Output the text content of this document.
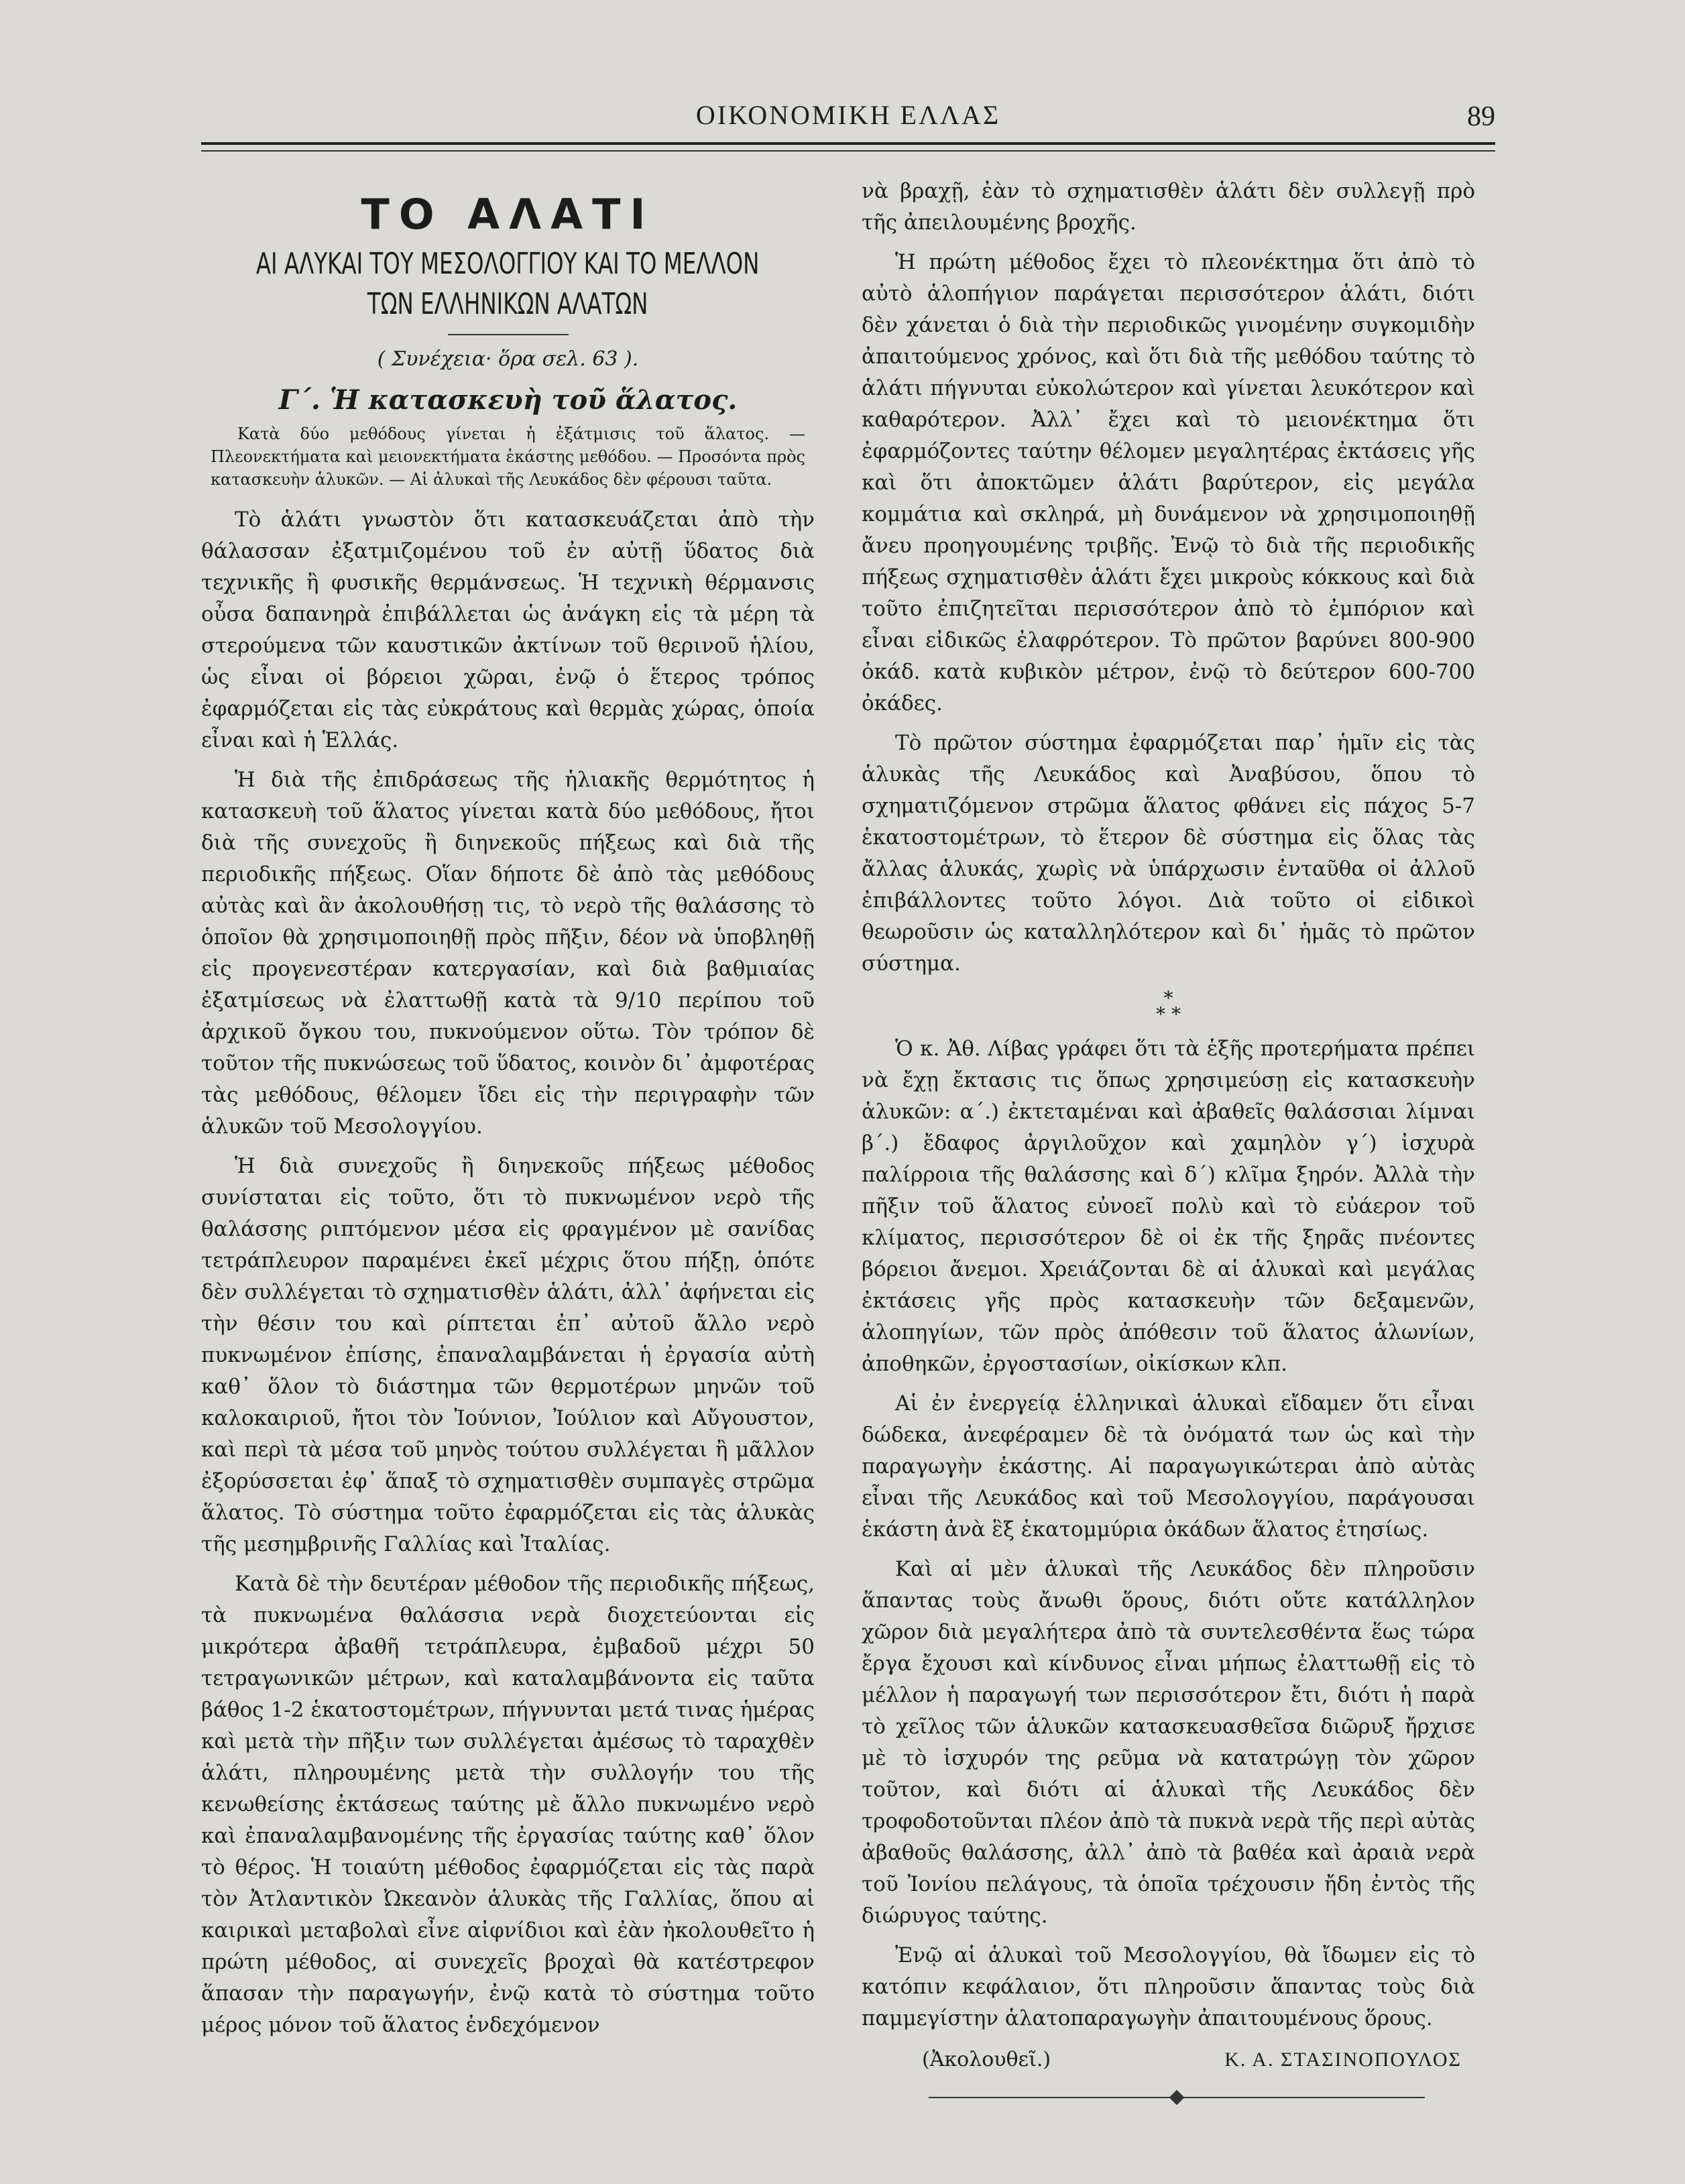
ΟΙΚΟΝΟΜΙΚΗ ΕΛΛΑΣ	89
ΤΟ ΑΛΑΤΙ
ΑΙ ΑΛΥΚΑΙ ΤΟΥ ΜΕΣΟΛΟΓΓΙΟΥ ΚΑΙ ΤΟ ΜΕΛΛΟΝ
ΤΩΝ ΕΛΛΗΝΙΚΩΝ ΑΛΑΤΩΝ
( Συνέχεια· ὅρα σελ. 63 ).
Γ΄. Ἡ κατασκευὴ τοῦ ἅλατος.
Κατὰ δύο μεθόδους γίνεται ἡ ἐξάτμισις τοῦ ἅλατος. — Πλεονεκτήματα καὶ μειονεκτήματα ἑκάστης μεθόδου. — Προσόντα πρὸς κατασκευὴν ἁλυκῶν. — Αἱ ἁλυκαὶ τῆς Λευκάδος δὲν φέρουσι ταῦτα.

Τὸ ἁλάτι γνωστὸν ὅτι κατασκευάζεται ἀπὸ τὴν θάλασσαν ἐξατμιζομένου τοῦ ἐν αὐτῇ ὕδατος διὰ τεχνικῆς ἢ φυσικῆς θερμάνσεως. Ἡ τεχνικὴ θέρμανσις οὖσα δαπανηρὰ ἐπιβάλλεται ὡς ἀνάγκη εἰς τὰ μέρη τὰ στερούμενα τῶν καυστικῶν ἀκτίνων τοῦ θερινοῦ ἡλίου, ὡς εἶναι οἱ βόρειοι χῶραι, ἐνῷ ὁ ἕτερος τρόπος ἐφαρμόζεται εἰς τὰς εὐκράτους καὶ θερμὰς χώρας, ὁποία εἶναι καὶ ἡ Ἑλλάς.

Ἡ διὰ τῆς ἐπιδράσεως τῆς ἡλιακῆς θερμότητος ἡ κατασκευὴ τοῦ ἅλατος γίνεται κατὰ δύο μεθόδους, ἤτοι διὰ τῆς συνεχοῦς ἢ διηνεκοῦς πήξεως καὶ διὰ τῆς περιοδικῆς πήξεως. Οἵαν δήποτε δὲ ἀπὸ τὰς μεθόδους αὐτὰς καὶ ἂν ἀκολουθήσῃ τις, τὸ νερὸ τῆς θαλάσσης τὸ ὁποῖον θὰ χρησιμοποιηθῇ πρὸς πῆξιν, δέον νὰ ὑποβληθῇ εἰς προγενεστέραν κατεργασίαν, καὶ διὰ βαθμιαίας ἐξατμίσεως νὰ ἐλαττωθῇ κατὰ τὰ 9/10 περίπου τοῦ ἀρχικοῦ ὄγκου του, πυκνούμενον οὕτω. Τὸν τρόπον δὲ τοῦτον τῆς πυκνώσεως τοῦ ὕδατος, κοινὸν δι᾽ ἀμφοτέρας τὰς μεθόδους, θέλομεν ἴδει εἰς τὴν περιγραφὴν τῶν ἁλυκῶν τοῦ Μεσολογγίου.

Ἡ διὰ συνεχοῦς ἢ διηνεκοῦς πήξεως μέθοδος συνίσταται εἰς τοῦτο, ὅτι τὸ πυκνωμένον νερὸ τῆς θαλάσσης ριπτόμενον μέσα εἰς φραγμένον μὲ σανίδας τετράπλευρον παραμένει ἐκεῖ μέχρις ὅτου πήξῃ, ὁπότε δὲν συλλέγεται τὸ σχηματισθὲν ἁλάτι, ἀλλ᾽ ἀφήνεται εἰς τὴν θέσιν του καὶ ρίπτεται ἐπ᾽ αὐτοῦ ἄλλο νερὸ πυκνωμένον ἐπίσης, ἐπαναλαμβάνεται ἡ ἐργασία αὐτὴ καθ᾽ ὅλον τὸ διάστημα τῶν θερμοτέρων μηνῶν τοῦ καλοκαιριοῦ, ἤτοι τὸν Ἰούνιον, Ἰούλιον καὶ Αὔγουστον, καὶ περὶ τὰ μέσα τοῦ μηνὸς τούτου συλλέγεται ἢ μᾶλλον ἐξορύσσεται ἐφ᾽ ἅπαξ τὸ σχηματισθὲν συμπαγὲς στρῶμα ἅλατος. Τὸ σύστημα τοῦτο ἐφαρμόζεται εἰς τὰς ἁλυκὰς τῆς μεσημβρινῆς Γαλλίας καὶ Ἰταλίας.

Κατὰ δὲ τὴν δευτέραν μέθοδον τῆς περιοδικῆς πήξεως, τὰ πυκνωμένα θαλάσσια νερὰ διοχετεύονται εἰς μικρότερα ἀβαθῆ τετράπλευρα, ἐμβαδοῦ μέχρι 50 τετραγωνικῶν μέτρων, καὶ καταλαμβάνοντα εἰς ταῦτα βάθος 1-2 ἑκατοστομέτρων, πήγνυνται μετά τινας ἡμέρας καὶ μετὰ τὴν πῆξιν των συλλέγεται ἀμέσως τὸ ταραχθὲν ἁλάτι, πληρουμένης μετὰ τὴν συλλογήν του τῆς κενωθείσης ἐκτάσεως ταύτης μὲ ἄλλο πυκνωμένο νερὸ καὶ ἐπαναλαμβανομένης τῆς ἐργασίας ταύτης καθ᾽ ὅλον τὸ θέρος. Ἡ τοιαύτη μέθοδος ἐφαρμόζεται εἰς τὰς παρὰ τὸν Ἀτλαντικὸν Ὠκεανὸν ἁλυκὰς τῆς Γαλλίας, ὅπου αἱ καιρικαὶ μεταβολαὶ εἶνε αἰφνίδιοι καὶ ἐὰν ἠκολουθεῖτο ἡ πρώτη μέθοδος, αἱ συνεχεῖς βροχαὶ θὰ κατέστρεφον ἅπασαν τὴν παραγωγήν, ἐνῷ κατὰ τὸ σύστημα τοῦτο μέρος μόνον τοῦ ἅλατος ἐνδεχόμενον

νὰ βραχῇ, ἐὰν τὸ σχηματισθὲν ἁλάτι δὲν συλλεγῇ πρὸ τῆς ἀπειλουμένης βροχῆς.

Ἡ πρώτη μέθοδος ἔχει τὸ πλεονέκτημα ὅτι ἀπὸ τὸ αὐτὸ ἁλοπήγιον παράγεται περισσότερον ἁλάτι, διότι δὲν χάνεται ὁ διὰ τὴν περιοδικῶς γινομένην συγκομιδὴν ἀπαιτούμενος χρόνος, καὶ ὅτι διὰ τῆς μεθόδου ταύτης τὸ ἁλάτι πήγνυται εὐκολώτερον καὶ γίνεται λευκότερον καὶ καθαρότερον. Ἀλλ᾽ ἔχει καὶ τὸ μειονέκτημα ὅτι ἐφαρμόζοντες ταύτην θέλομεν μεγαλητέρας ἐκτάσεις γῆς καὶ ὅτι ἀποκτῶμεν ἁλάτι βαρύτερον, εἰς μεγάλα κομμάτια καὶ σκληρά, μὴ δυνάμενον νὰ χρησιμοποιηθῇ ἄνευ προηγουμένης τριβῆς. Ἐνῷ τὸ διὰ τῆς περιοδικῆς πήξεως σχηματισθὲν ἁλάτι ἔχει μικροὺς κόκκους καὶ διὰ τοῦτο ἐπιζητεῖται περισσότερον ἀπὸ τὸ ἐμπόριον καὶ εἶναι εἰδικῶς ἐλαφρότερον. Τὸ πρῶτον βαρύνει 800-900 ὀκάδ. κατὰ κυβικὸν μέτρον, ἐνῷ τὸ δεύτερον 600-700 ὀκάδες.

Τὸ πρῶτον σύστημα ἐφαρμόζεται παρ᾽ ἡμῖν εἰς τὰς ἁλυκὰς τῆς Λευκάδος καὶ Ἀναβύσου, ὅπου τὸ σχηματιζόμενον στρῶμα ἅλατος φθάνει εἰς πάχος 5-7 ἑκατοστομέτρων, τὸ ἕτερον δὲ σύστημα εἰς ὅλας τὰς ἄλλας ἁλυκάς, χωρὶς νὰ ὑπάρχωσιν ἐνταῦθα οἱ ἀλλοῦ ἐπιβάλλοντες τοῦτο λόγοι. Διὰ τοῦτο οἱ εἰδικοὶ θεωροῦσιν ὡς καταλληλότερον καὶ δι᾽ ἡμᾶς τὸ πρῶτον σύστημα.

*
* *

Ὁ κ. Ἀθ. Λίβας γράφει ὅτι τὰ ἑξῆς προτερήματα πρέπει νὰ ἔχῃ ἔκτασις τις ὅπως χρησιμεύσῃ εἰς κατασκευὴν ἁλυκῶν: α΄.) ἐκτεταμέναι καὶ ἀβαθεῖς θαλάσσιαι λίμναι β΄.) ἔδαφος ἀργιλοῦχον καὶ χαμηλὸν γ΄) ἰσχυρὰ παλίρροια τῆς θαλάσσης καὶ δ΄) κλῖμα ξηρόν. Ἀλλὰ τὴν πῆξιν τοῦ ἅλατος εὐνοεῖ πολὺ καὶ τὸ εὐάερον τοῦ κλίματος, περισσότερον δὲ οἱ ἐκ τῆς ξηρᾶς πνέοντες βόρειοι ἄνεμοι. Χρειάζονται δὲ αἱ ἁλυκαὶ καὶ μεγάλας ἐκτάσεις γῆς πρὸς κατασκευὴν τῶν δεξαμενῶν, ἁλοπηγίων, τῶν πρὸς ἀπόθεσιν τοῦ ἅλατος ἁλωνίων, ἀποθηκῶν, ἐργοστασίων, οἰκίσκων κλπ.

Αἱ ἐν ἐνεργείᾳ ἑλληνικαὶ ἁλυκαὶ εἴδαμεν ὅτι εἶναι δώδεκα, ἀνεφέραμεν δὲ τὰ ὀνόματά των ὡς καὶ τὴν παραγωγὴν ἑκάστης. Αἱ παραγωγικώτεραι ἀπὸ αὐτὰς εἶναι τῆς Λευκάδος καὶ τοῦ Μεσολογγίου, παράγουσαι ἑκάστη ἀνὰ ἓξ ἑκατομμύρια ὀκάδων ἅλατος ἐτησίως.

Καὶ αἱ μὲν ἁλυκαὶ τῆς Λευκάδος δὲν πληροῦσιν ἅπαντας τοὺς ἄνωθι ὅρους, διότι οὔτε κατάλληλον χῶρον διὰ μεγαλήτερα ἀπὸ τὰ συντελεσθέντα ἕως τώρα ἔργα ἔχουσι καὶ κίνδυνος εἶναι μήπως ἐλαττωθῇ εἰς τὸ μέλλον ἡ παραγωγή των περισσότερον ἔτι, διότι ἡ παρὰ τὸ χεῖλος τῶν ἁλυκῶν κατασκευασθεῖσα διῶρυξ ἤρχισε μὲ τὸ ἰσχυρόν της ρεῦμα νὰ κατατρώγῃ τὸν χῶρον τοῦτον, καὶ διότι αἱ ἁλυκαὶ τῆς Λευκάδος δὲν τροφοδοτοῦνται πλέον ἀπὸ τὰ πυκνὰ νερὰ τῆς περὶ αὐτὰς ἀβαθοῦς θαλάσσης, ἀλλ᾽ ἀπὸ τὰ βαθέα καὶ ἀραιὰ νερὰ τοῦ Ἰονίου πελάγους, τὰ ὁποῖα τρέχουσιν ἤδη ἐντὸς τῆς διώρυγος ταύτης.

Ἐνῷ αἱ ἁλυκαὶ τοῦ Μεσολογγίου, θὰ ἴδωμεν εἰς τὸ κατόπιν κεφάλαιον, ὅτι πληροῦσιν ἅπαντας τοὺς διὰ παμμεγίστην ἁλατοπαραγωγὴν ἀπαιτουμένους ὅρους.

(Ἀκολουθεῖ.)	Κ. Α. ΣΤΑΣΙΝΟΠΟΥΛΟΣ
